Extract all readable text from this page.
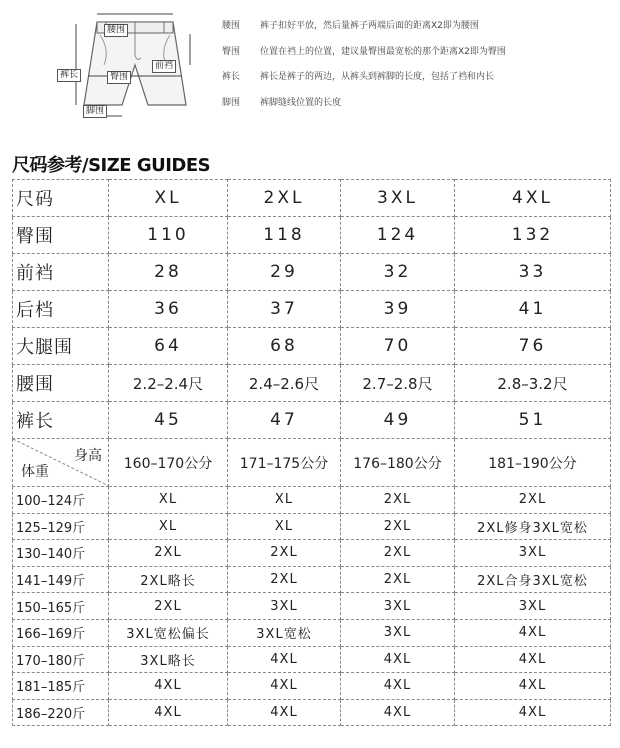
腰围
裤长	臀围
前裆
脚围
腰围	裤子扣好平放，然后量裤子两端后面的距离X2即为腰围
臀围	位置在裆上的位置，建议量臀围最宽松的那个距离X2即为臀围
裤长	裤长是裤子的两边，从裤头到裤脚的长度，包括了裆和内长
脚围	裤脚缝线位置的长度
尺码参考/SIZE GUIDES
尺码	XL	2XL	3XL	4XL
臀围	110	118	124	132
前裆	28	29	32	33
后档	36	37	39	41
大腿围	64	68	70	76
腰围	2.2–2.4尺	2.4–2.6尺	2.7–2.8尺	2.8–3.2尺
裤长	45	47	49	51

身高
体重	160–170公分	171–175公分	176–180公分	181–190公分
100–124斤	XL	XL	2XL	2XL
125–129斤	XL	XL	2XL	2XL修身3XL宽松
130–140斤	2XL	2XL	2XL	3XL
141–149斤	2XL略长	2XL	2XL	2XL合身3XL宽松
150–165斤	2XL	3XL	3XL	3XL
166–169斤	3XL宽松偏长	3XL宽松	3XL	4XL
170–180斤	3XL略长	4XL	4XL	4XL
181–185斤	4XL	4XL	4XL	4XL
186–220斤	4XL	4XL	4XL	4XL
